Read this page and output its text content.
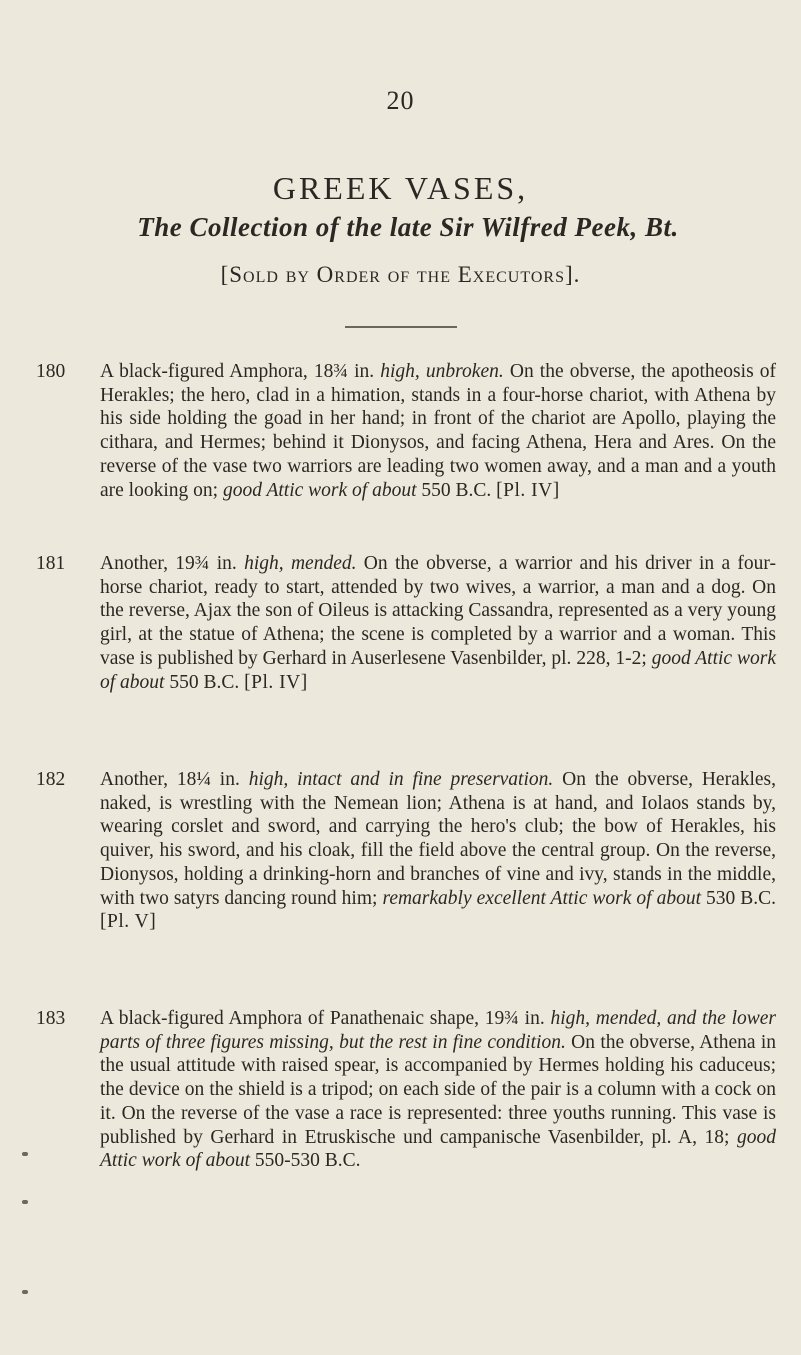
20
GREEK VASES,
The Collection of the late Sir Wilfred Peek, Bt.
[Sold by Order of the Executors].
180	A black-figured Amphora, 18¾ in. high, unbroken. On the obverse, the apotheosis of Herakles; the hero, clad in a himation, stands in a four-horse chariot, with Athena by his side holding the goad in her hand; in front of the chariot are Apollo, playing the cithara, and Hermes; behind it Dionysos, and facing Athena, Hera and Ares. On the reverse of the vase two warriors are leading two women away, and a man and a youth are looking on; good Attic work of about 550 B.C. [Pl. IV]
181	Another, 19¾ in. high, mended. On the obverse, a warrior and his driver in a four-horse chariot, ready to start, attended by two wives, a warrior, a man and a dog. On the reverse, Ajax the son of Oileus is attacking Cassandra, represented as a very young girl, at the statue of Athena; the scene is completed by a warrior and a woman. This vase is published by Gerhard in Auserlesene Vasenbilder, pl. 228, 1-2; good Attic work of about 550 B.C. [Pl. IV]
182	Another, 18¼ in. high, intact and in fine preservation. On the obverse, Herakles, naked, is wrestling with the Nemean lion; Athena is at hand, and Iolaos stands by, wearing corslet and sword, and carrying the hero's club; the bow of Herakles, his quiver, his sword, and his cloak, fill the field above the central group. On the reverse, Dionysos, holding a drinking-horn and branches of vine and ivy, stands in the middle, with two satyrs dancing round him; remarkably excellent Attic work of about 530 B.C. [Pl. V]
183	A black-figured Amphora of Panathenaic shape, 19¾ in. high, mended, and the lower parts of three figures missing, but the rest in fine condition. On the obverse, Athena in the usual attitude with raised spear, is accompanied by Hermes holding his caduceus; the device on the shield is a tripod; on each side of the pair is a column with a cock on it. On the reverse of the vase a race is represented: three youths running. This vase is published by Gerhard in Etruskische und campanische Vasenbilder, pl. A, 18; good Attic work of about 550-530 B.C.
